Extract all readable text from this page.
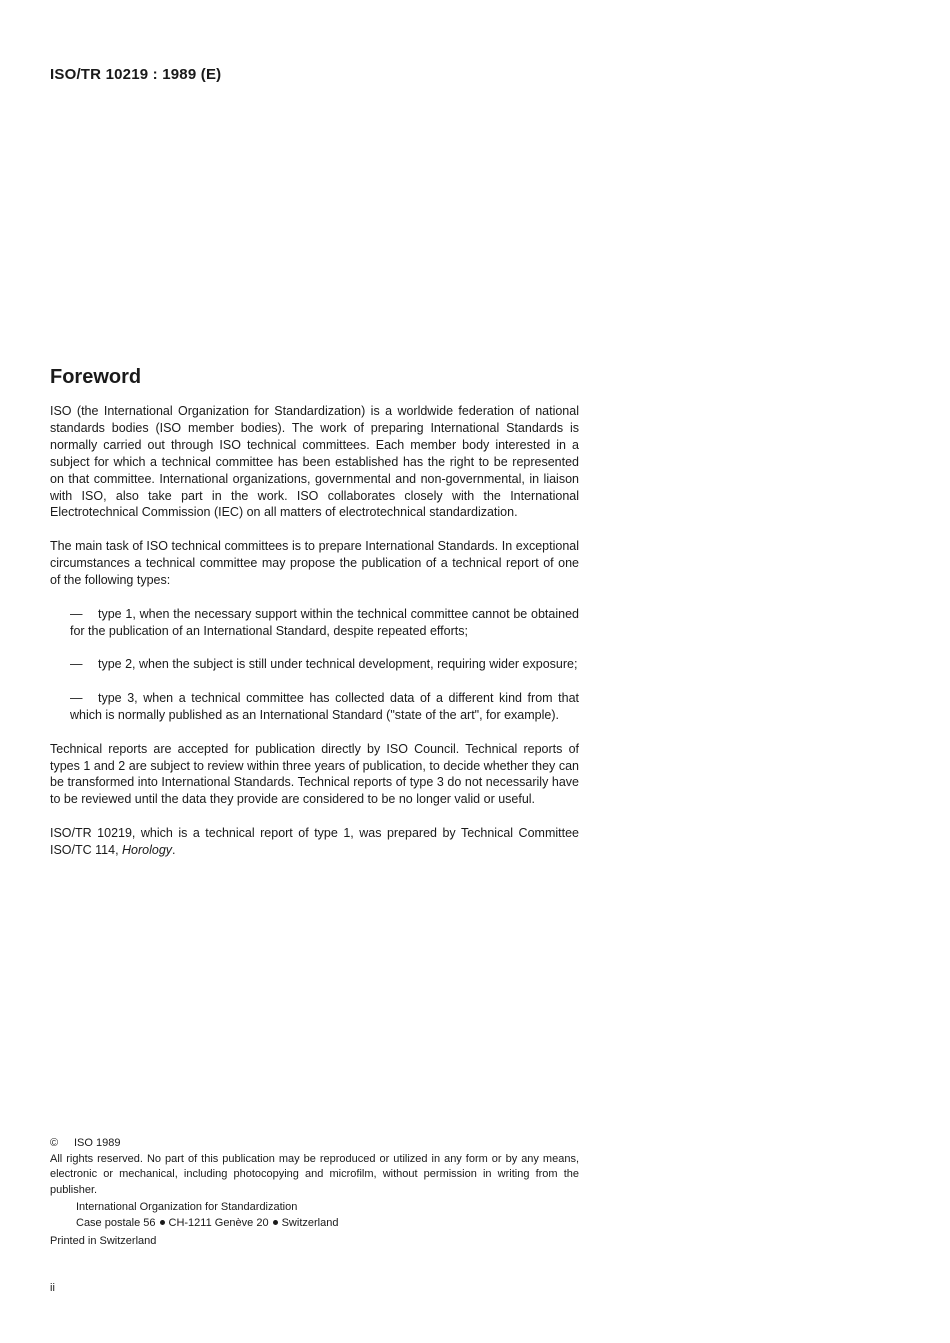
ISO/TR 10219 : 1989 (E)
Foreword

ISO (the International Organization for Standardization) is a worldwide federation of national standards bodies (ISO member bodies). The work of preparing International Standards is normally carried out through ISO technical committees. Each member body interested in a subject for which a technical committee has been established has the right to be represented on that committee. International organizations, governmental and non-governmental, in liaison with ISO, also take part in the work. ISO collaborates closely with the International Electrotechnical Commission (IEC) on all matters of electrotechnical standardization.

The main task of ISO technical committees is to prepare International Standards. In exceptional circumstances a technical committee may propose the publication of a technical report of one of the following types:

— type 1, when the necessary support within the technical committee cannot be obtained for the publication of an International Standard, despite repeated efforts;
— type 2, when the subject is still under technical development, requiring wider exposure;
— type 3, when a technical committee has collected data of a different kind from that which is normally published as an International Standard ("state of the art", for example).

Technical reports are accepted for publication directly by ISO Council. Technical reports of types 1 and 2 are subject to review within three years of publication, to decide whether they can be transformed into International Standards. Technical reports of type 3 do not necessarily have to be reviewed until the data they provide are considered to be no longer valid or useful.

ISO/TR 10219, which is a technical report of type 1, was prepared by Technical Committee ISO/TC 114, Horology.

© ISO 1989

All rights reserved. No part of this publication may be reproduced or utilized in any form or by any means, electronic or mechanical, including photocopying and microfilm, without permission in writing from the publisher.

International Organization for Standardization

Case postale 56 CH-1211 Genève 20 Switzerland

Printed in Switzerland

ii
